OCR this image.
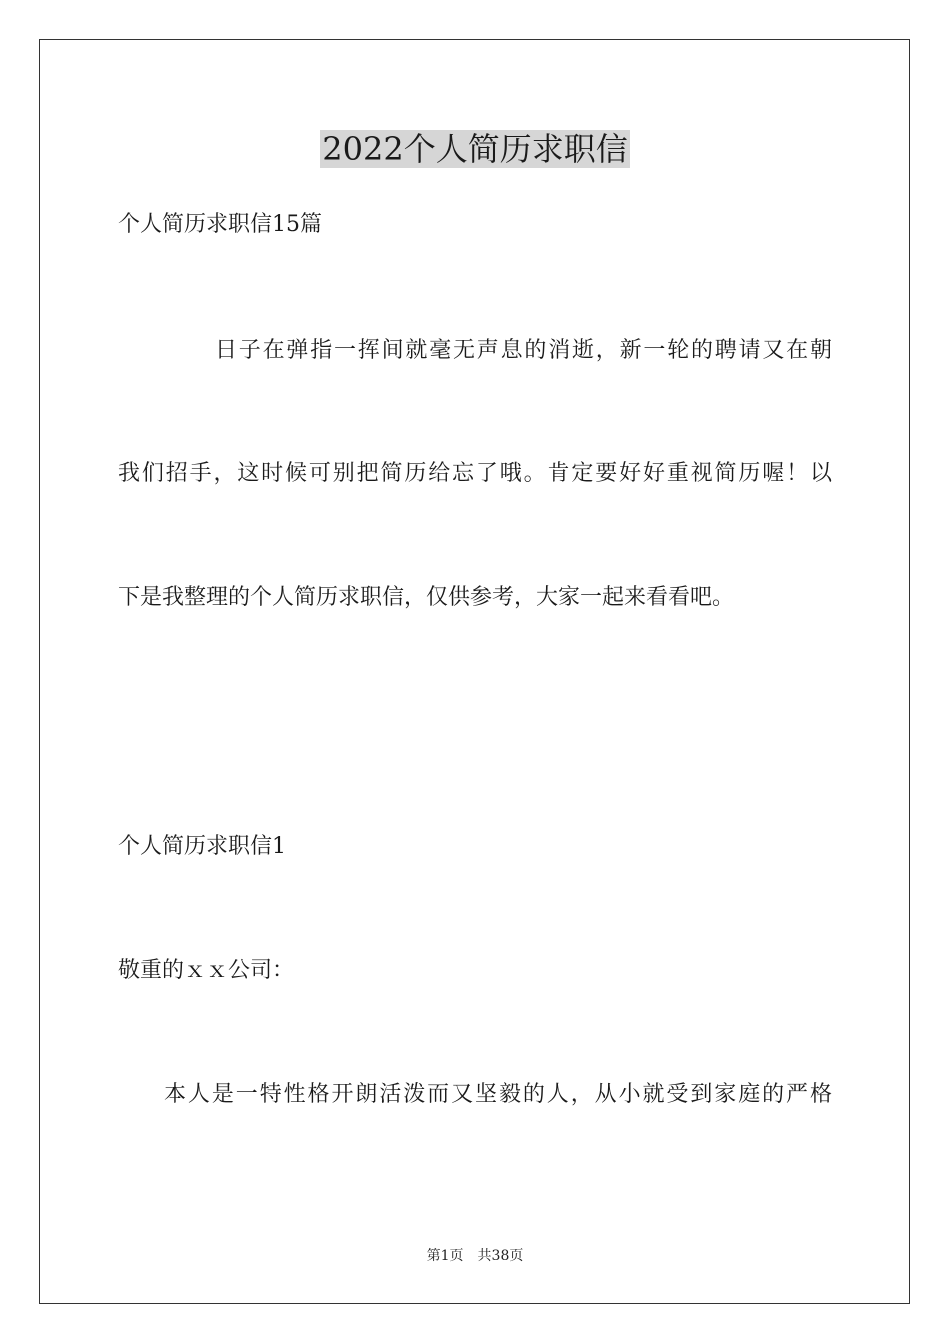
2022个人简历求职信

个人简历求职信15篇

日子在弹指一挥间就毫无声息的消逝，新一轮的聘请又在朝

我们招手，这时候可别把简历给忘了哦。肯定要好好重视简历喔！以

下是我整理的个人简历求职信，仅供参考，大家一起来看看吧。

个人简历求职信1

敬重的ｘｘ公司：

本人是一特性格开朗活泼而又坚毅的人，从小就受到家庭的严格

第1页 共38页
